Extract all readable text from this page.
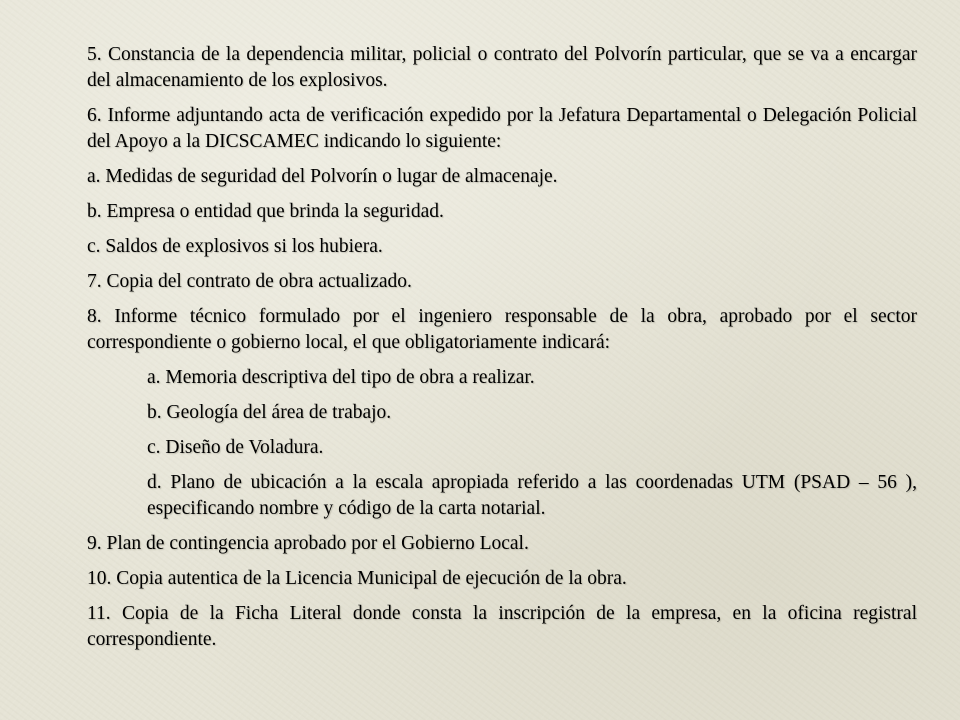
5. Constancia de la dependencia militar, policial o contrato del Polvorín particular, que se va a encargar del almacenamiento de los explosivos.

6. Informe adjuntando acta de verificación expedido por la Jefatura Departamental o Delegación Policial del Apoyo a la DICSCAMEC indicando lo siguiente:

a. Medidas de seguridad del Polvorín o lugar de almacenaje.

b. Empresa o entidad que brinda la seguridad.

c. Saldos de explosivos si los hubiera.

7. Copia del contrato de obra actualizado.

8. Informe técnico formulado por el ingeniero responsable de la obra, aprobado por el sector correspondiente o gobierno local, el que obligatoriamente indicará:

a. Memoria descriptiva del tipo de obra a realizar.

b. Geología del área de trabajo.

c. Diseño de Voladura.

d. Plano de ubicación a la escala apropiada referido a las coordenadas UTM (PSAD – 56 ), especificando nombre y código de la carta notarial.

9. Plan de contingencia aprobado por el Gobierno Local.

10. Copia autentica de la Licencia Municipal de ejecución de la obra.

11. Copia de la Ficha Literal donde consta la inscripción de la empresa, en la oficina registral correspondiente.
